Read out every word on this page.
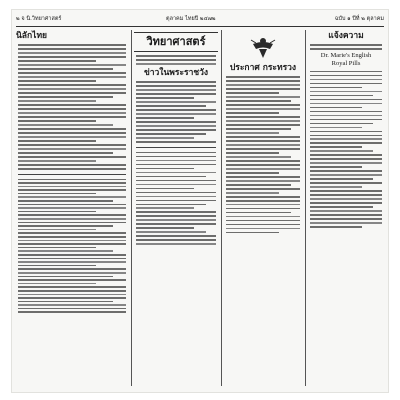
๒ จ นิ.วิทยาศาสตร์	ตุลาคม ไทยปี ๒๔๗๒	ฉบับ ๑ ปีที่ ๒ ตุลาคม
นิลักไทย	วิทยาศาสตร์
ข่าวในพระราชวัง	ประกาศ กระทรวง
แจ้งความ
Dr. Marie's English
Royal Pills
